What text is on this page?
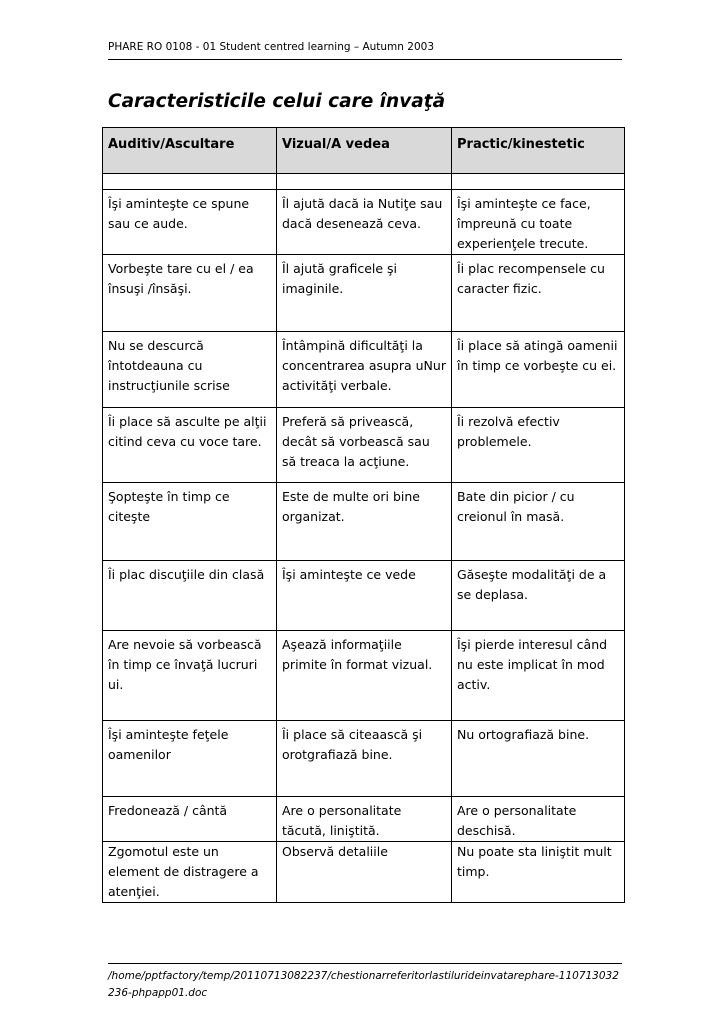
PHARE RO 0108 - 01 Student centred learning – Autumn 2003
Caracteristicile celui care învaţă
Auditiv/Ascultare	Vizual/A vedea	Practic/kinestetic

Îşi aminteşte ce spune sau ce aude.	Îl ajută dacă ia Nutiţe sau dacă desenează ceva.	Îşi aminteşte ce face, împreună cu toate experienţele trecute.
Vorbeşte tare cu el / ea însuşi /însăşi.	Îl ajută graficele şi imaginile.	Îi plac recompensele cu caracter fizic.
Nu se descurcă întotdeauna cu instrucţiunile scrise	Întâmpină dificultăţi la concentrarea asupra uNur activităţi verbale.	Îi place să atingă oamenii în timp ce vorbeşte cu ei.
Îi place să asculte pe alţii citind ceva cu voce tare.	Preferă să privească, decât să vorbească sau să treaca la acţiune.	Îi rezolvă efectiv problemele.
Şopteşte în timp ce citeşte	Este de multe ori bine organizat.	Bate din picior / cu creionul în masă.
Îi plac discuţiile din clasă	Îşi aminteşte ce vede	Găseşte modalităţi de a se deplasa.
Are nevoie să vorbească în timp ce învaţă lucruri ui.	Aşează informaţiile primite în format vizual.	Îşi pierde interesul când nu este implicat în mod activ.
Îşi aminteşte feţele oamenilor	Îi place să citeaască şi orotgrafiază bine.	Nu ortografiază bine.
Fredonează / cântă	Are o personalitate tăcută, liniştită.	Are o personalitate deschisă.
Zgomotul este un element de distragere a atenţiei.	Observă detaliile	Nu poate sta liniştit mult timp.
/home/pptfactory/temp/20110713082237/chestionarreferitorlastiluride​invatarephare-110713032236-phpapp01.doc
